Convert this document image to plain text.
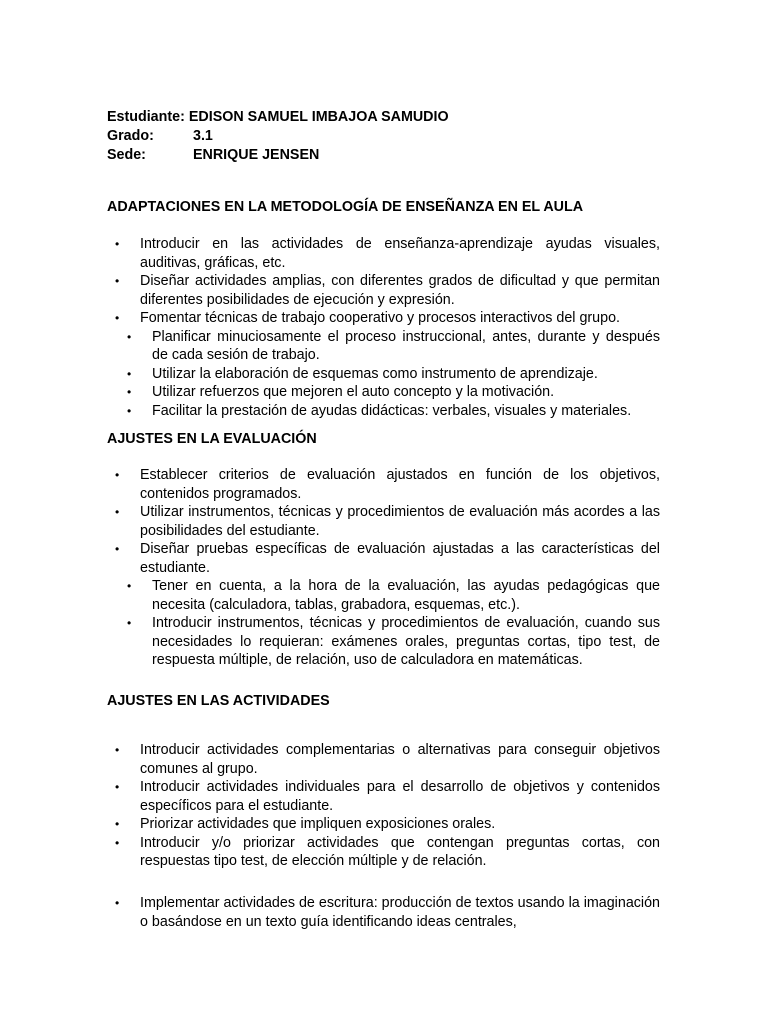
Estudiante: EDISON SAMUEL IMBAJOA SAMUDIO
Grado:	3.1
Sede:	ENRIQUE JENSEN
ADAPTACIONES EN LA METODOLOGÍA DE ENSEÑANZA EN EL AULA
• Introducir en las actividades de enseñanza-aprendizaje ayudas visuales, auditivas, gráficas, etc.
• Diseñar actividades amplias, con diferentes grados de dificultad y que permitan diferentes posibilidades de ejecución y expresión.
• Fomentar técnicas de trabajo cooperativo y procesos interactivos del grupo.
• Planificar minuciosamente el proceso instruccional, antes, durante y después de cada sesión de trabajo.
• Utilizar la elaboración de esquemas como instrumento de aprendizaje.
• Utilizar refuerzos que mejoren el auto concepto y la motivación.
• Facilitar la prestación de ayudas didácticas: verbales, visuales y materiales.
AJUSTES EN LA EVALUACIÓN
• Establecer criterios de evaluación ajustados en función de los objetivos, contenidos programados.
• Utilizar instrumentos, técnicas y procedimientos de evaluación más acordes a las posibilidades del estudiante.
• Diseñar pruebas específicas de evaluación ajustadas a las características del estudiante.
• Tener en cuenta, a la hora de la evaluación, las ayudas pedagógicas que necesita (calculadora, tablas, grabadora, esquemas, etc.).
• Introducir instrumentos, técnicas y procedimientos de evaluación, cuando sus necesidades lo requieran: exámenes orales, preguntas cortas, tipo test, de respuesta múltiple, de relación, uso de calculadora en matemáticas.
AJUSTES EN LAS ACTIVIDADES
• Introducir actividades complementarias o alternativas para conseguir objetivos comunes al grupo.
• Introducir actividades individuales para el desarrollo de objetivos y contenidos específicos para el estudiante.
• Priorizar actividades que impliquen exposiciones orales.
• Introducir y/o priorizar actividades que contengan preguntas cortas, con respuestas tipo test, de elección múltiple y de relación.
• Implementar actividades de escritura: producción de textos usando la imaginación o basándose en un texto guía identificando ideas centrales,
